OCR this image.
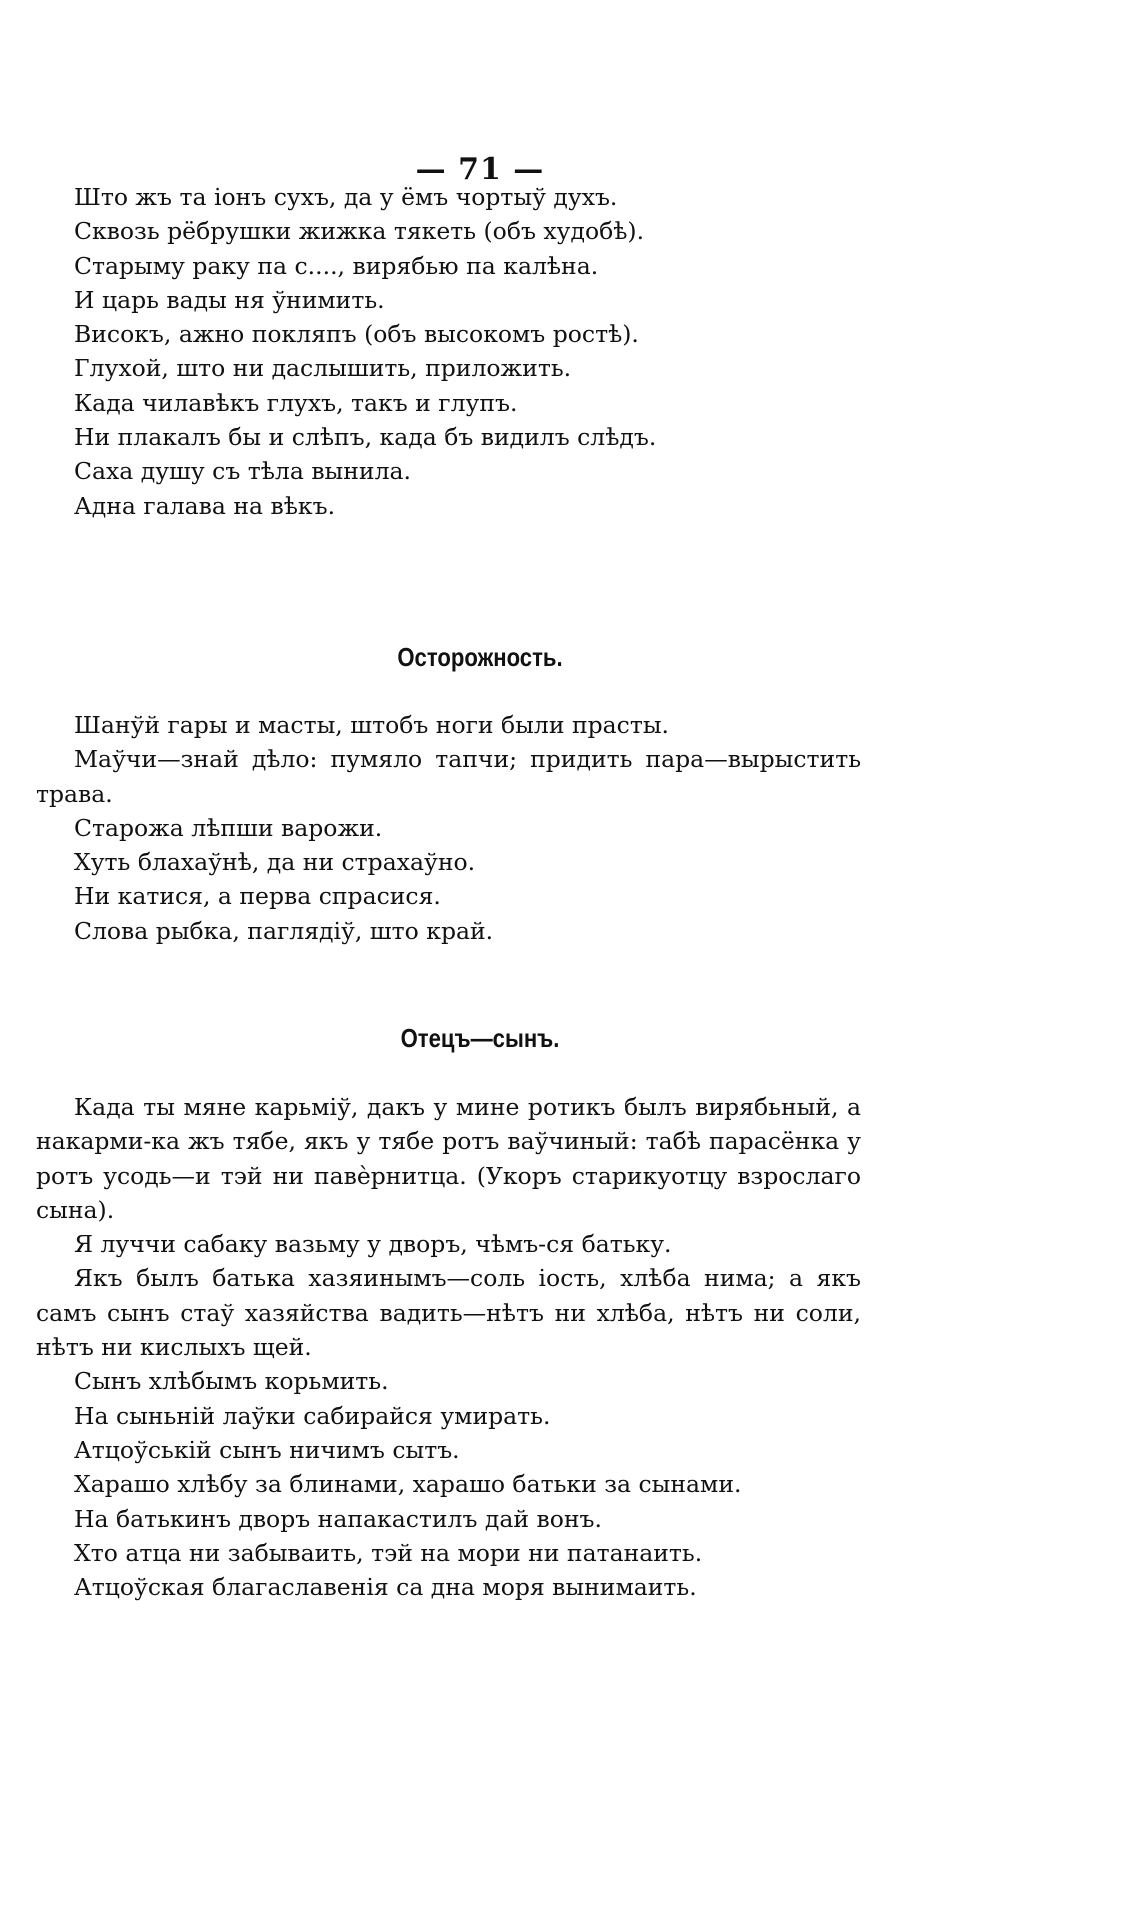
— 71 —
Што жъ та іонъ сухъ, да у ёмъ чортыў духъ.
Сквозь рёбрушки жижка тякеть (объ худобѣ).
Старыму раку па с...., вирябью па калѣна.
И царь вады ня ўнимить.
Високъ, ажно покляпъ (объ высокомъ ростѣ).
Глухой, што ни даслышить, приложить.
Када чилавѣкъ глухъ, такъ и глупъ.
Ни плакалъ бы и слѣпъ, када бъ видилъ слѣдъ.
Саха душу съ тѣла вынила.
Адна галава на вѣкъ.
Осторожность.
Шанўй гары и масты, штобъ ноги были прасты.
Маўчи—знай дѣло: пумяло тапчи; придить пара—вырыстить трава.
Старожа лѣпши варожи.
Хуть блахаўнѣ, да ни страхаўно.
Ни катися, а перва спрасися.
Слова рыбка, паглядіў, што край.
Отецъ—сынъ.
Када ты мяне карьміў, дакъ у мине ротикъ былъ вирябьный, а накарми-ка жъ тябе, якъ у тябе ротъ ваўчиный: табѣ парасёнка у ротъ усодь—и тэй ни павѐрнитца. (Укоръ старикуотцу взрослаго сына).
Я луччи сабаку вазьму у дворъ, чѣмъ-ся батьку.
Якъ былъ батька хазяинымъ—соль іость, хлѣба нима; а якъ самъ сынъ стаў хазяйства вадить—нѣтъ ни хлѣба, нѣтъ ни соли, нѣтъ ни кислыхъ щей.
Сынъ хлѣбымъ корьмить.
На сыньній лаўки сабирайся умирать.
Атцоўській сынъ ничимъ сытъ.
Харашо хлѣбу за блинами, харашо батьки за сынами.
На батькинъ дворъ напакастилъ дай вонъ.
Хто атца ни забываить, тэй на мори ни патанаить.
Атцоўская благаславенія са дна моря вынимаить.
